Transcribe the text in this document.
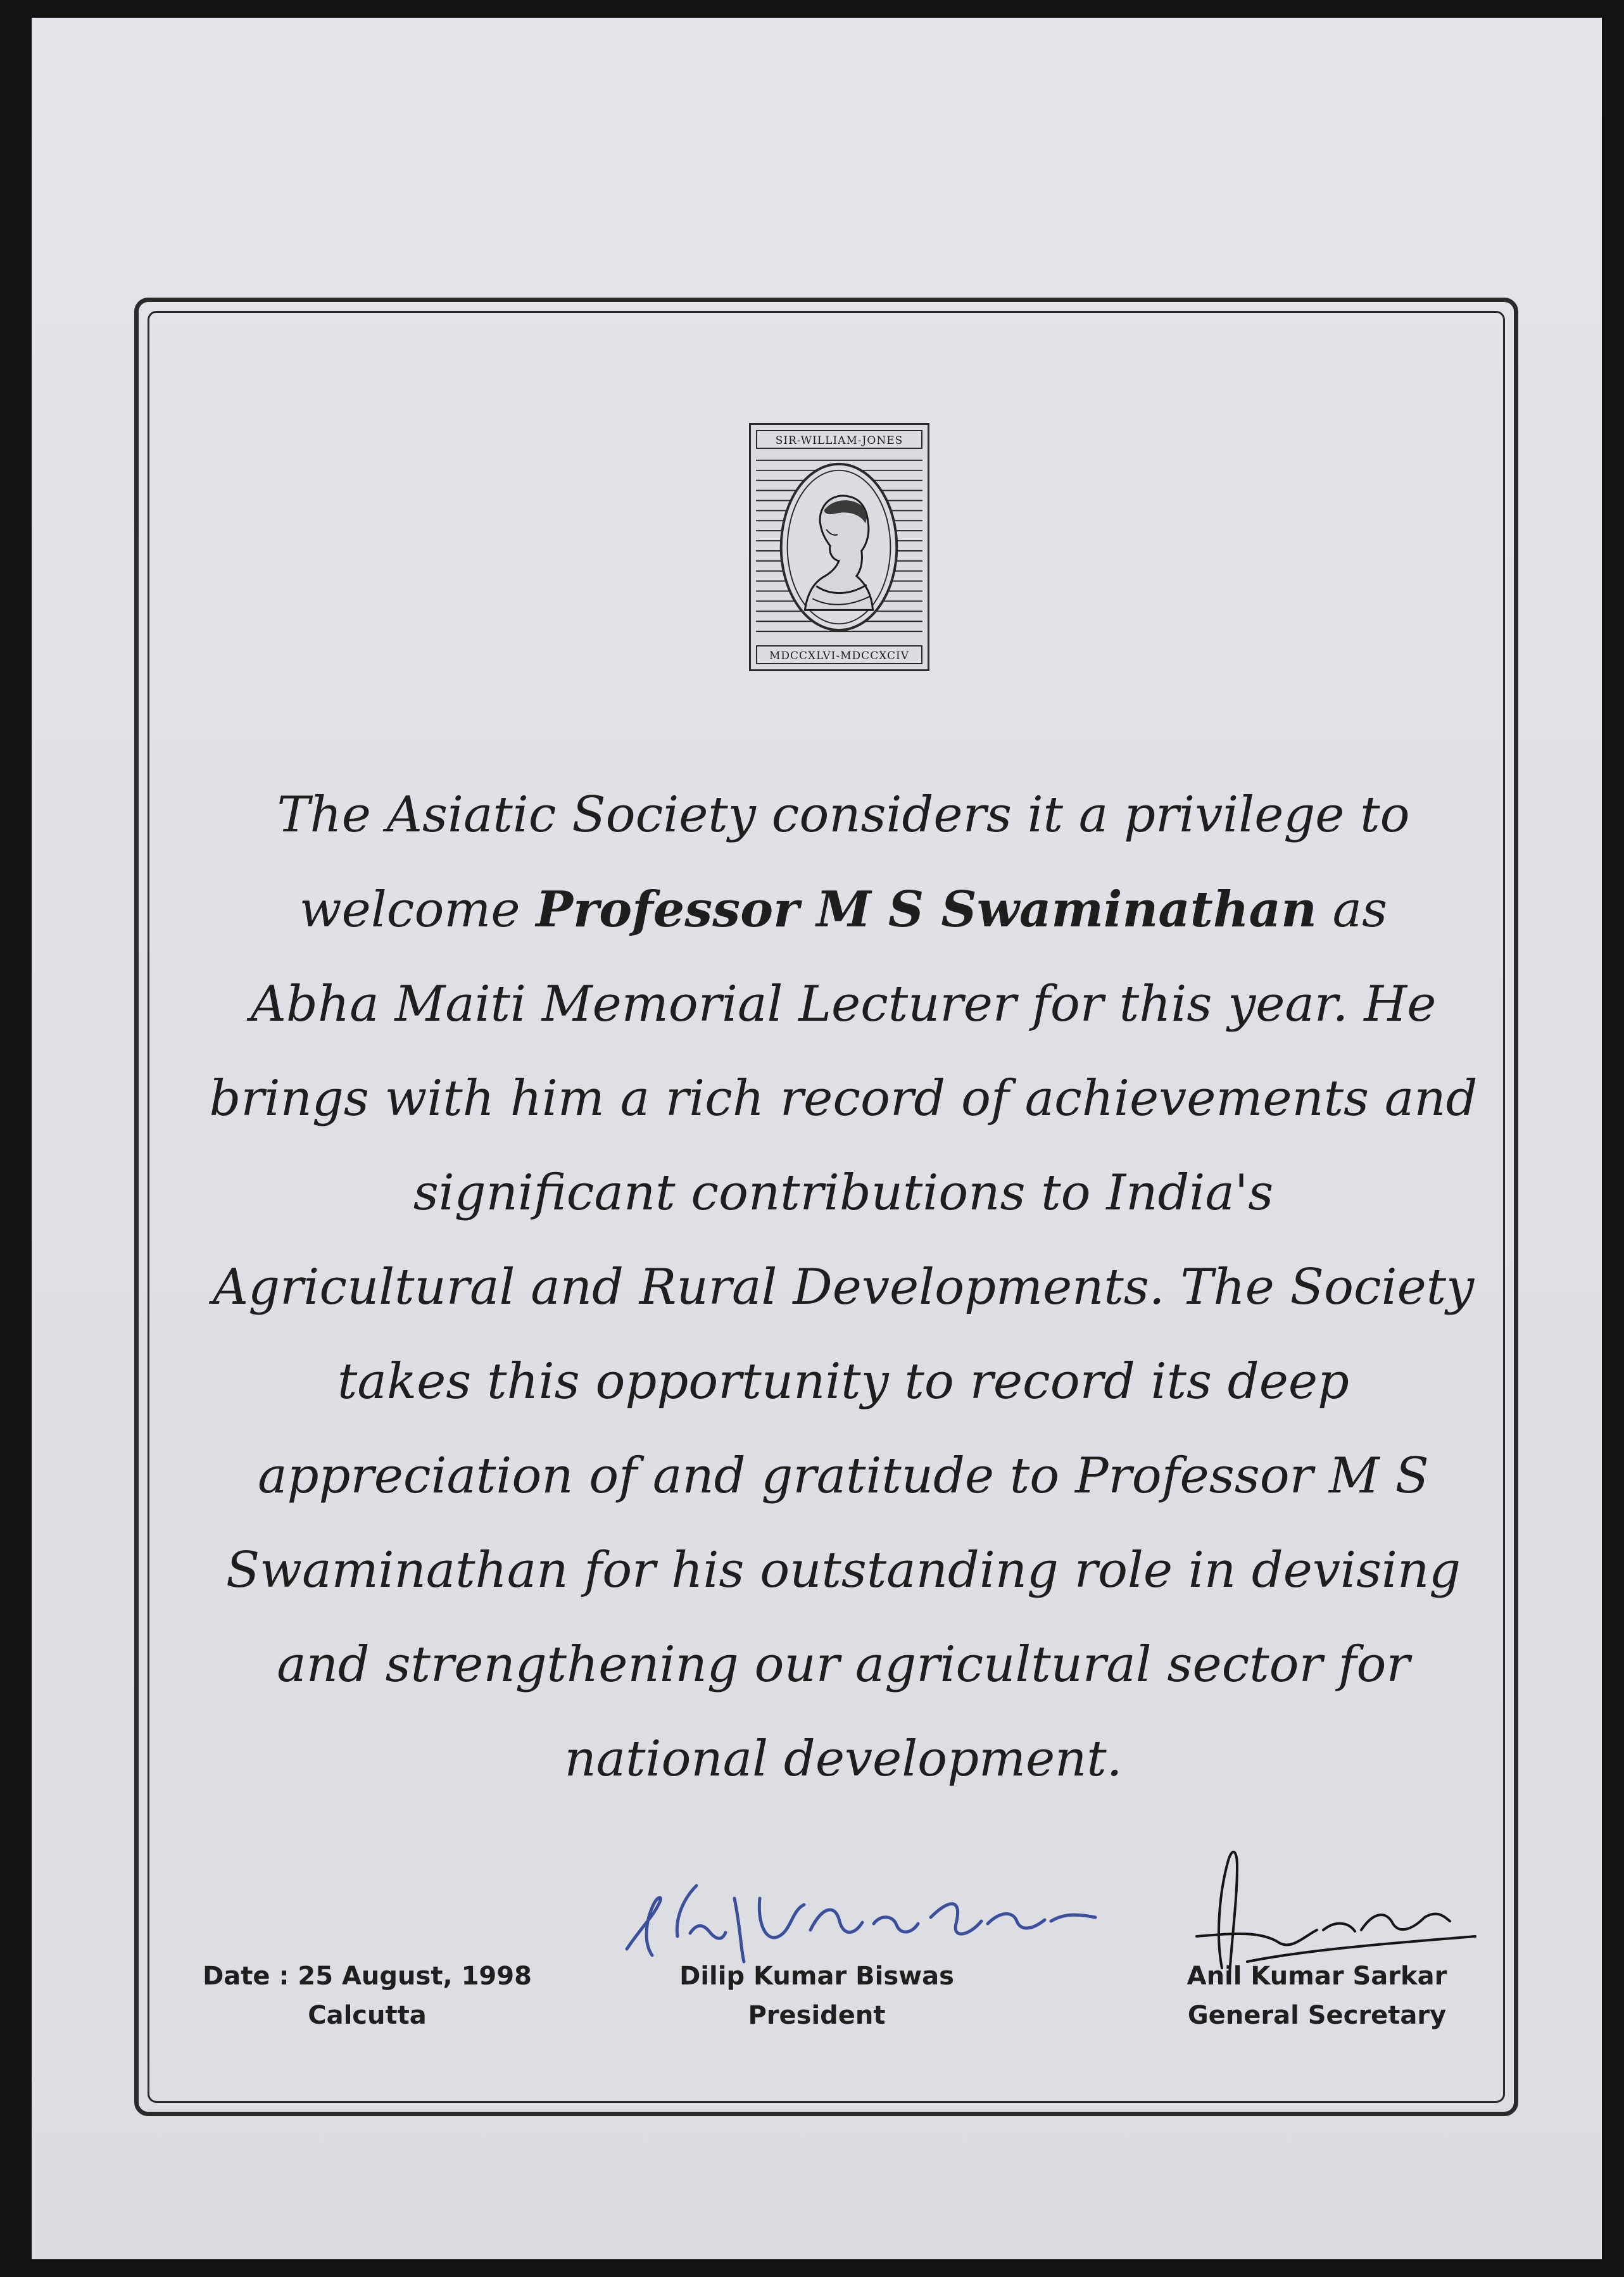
SIR-WILLIAM-JONES
MDCCXLVI-MDCCXCIV

The Asiatic Society considers it a privilege to
welcome Professor M S Swaminathan as
Abha Maiti Memorial Lecturer for this year. He
brings with him a rich record of achievements and
significant contributions to India's
Agricultural and Rural Developments. The Society
takes this opportunity to record its deep
appreciation of and gratitude to Professor M S
Swaminathan for his outstanding role in devising
and strengthening our agricultural sector for
national development.

Date : 25 August, 1998
Calcutta
Dilip Kumar Biswas
President
Anil Kumar Sarkar
General Secretary
